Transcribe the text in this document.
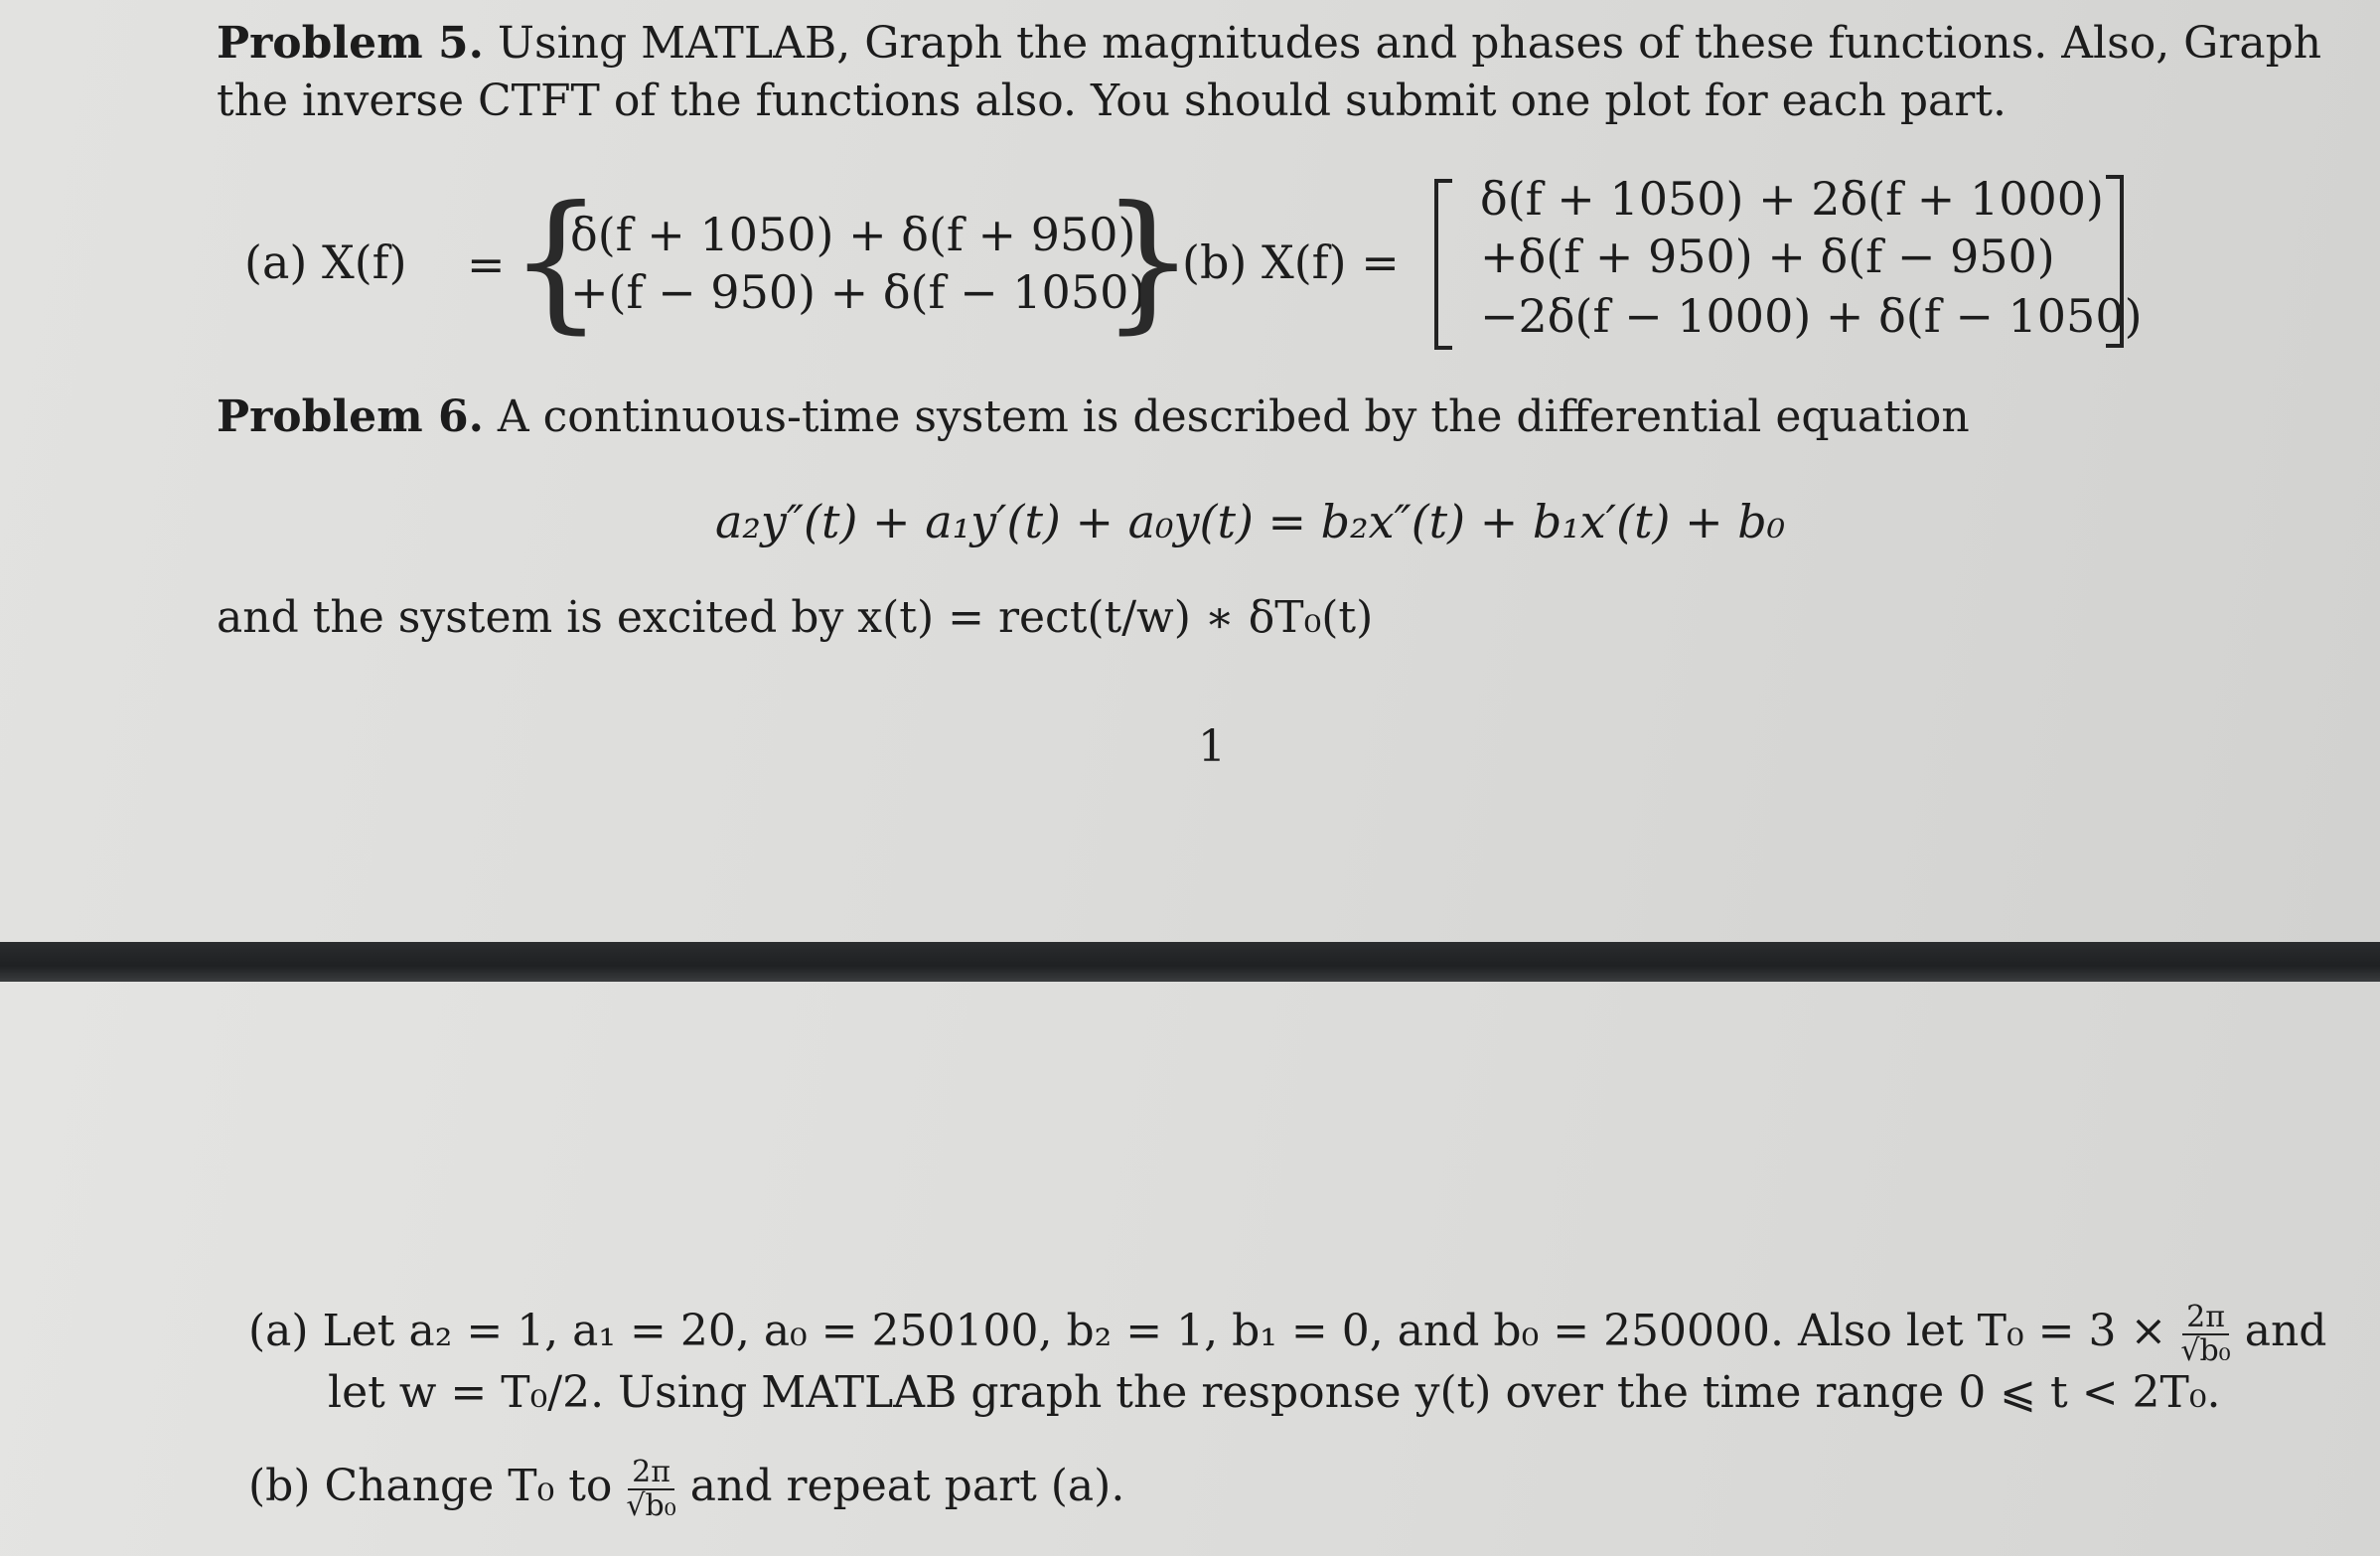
Problem 5. Using MATLAB, Graph the magnitudes and phases of these functions. Also, Graph
the inverse CTFT of the functions also. You should submit one plot for each part.
(a) X(f) = {
δ(f + 1050) + δ(f + 950)
+(f − 950) + δ(f − 1050)
}
(b) X(f) =
δ(f + 1050) + 2δ(f + 1000)
+δ(f + 950) + δ(f − 950)
−2δ(f − 1000) + δ(f − 1050)
Problem 6. A continuous-time system is described by the differential equation
a₂y″(t) + a₁y′(t) + a₀y(t) = b₂x″(t) + b₁x′(t) + b₀
and the system is excited by x(t) = rect(t/w) ∗ δT₀(t)
1
(a) Let a₂ = 1, a₁ = 20, a₀ = 250100, b₂ = 1, b₁ = 0, and b₀ = 250000. Also let $T_0 = 3 \times \frac{2\pi}{\text{√b₀}}$ and
let w = T₀/2. Using MATLAB graph the response y(t) over the time range 0 ⩽ t < 2T₀.
(b) Change T₀ to $\frac{2\pi}{\text{√b₀}}$ and repeat part (a).
